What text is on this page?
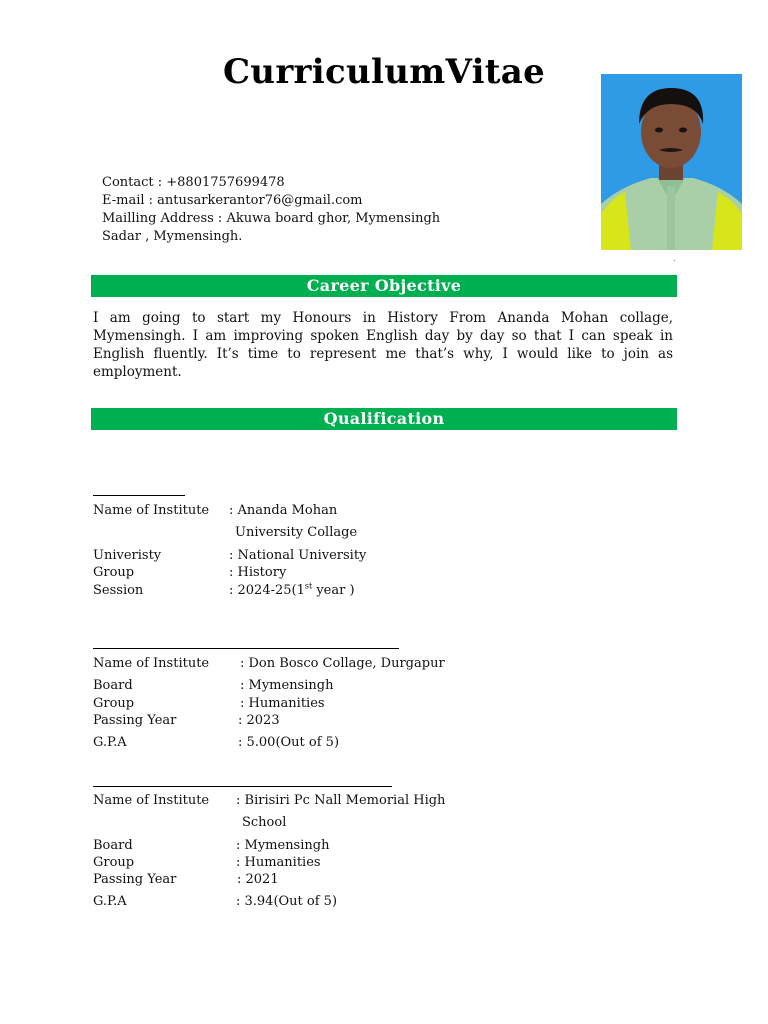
CurriculumVitae
Contact : +8801757699478
E-mail : antusarkerantor76@gmail.com
Mailling Address : Akuwa board ghor, Mymensingh
Sadar , Mymensingh.
.
Career Objective
I am going to start my Honours in History From Ananda Mohan collage, Mymensingh. I am improving spoken English day by day so that I can speak in English fluently. It’s time to represent me that’s why, I would like to join as employment.
Qualification
Name of Institute : Ananda Mohan
University Collage
Univeristy	: National University
Group	: History
Session	: 2024-25(1st year )
Name of Institute : Don Bosco Collage, Durgapur
Board	: Mymensingh
Group	: Humanities
Passing Year	: 2023
G.P.A	: 5.00(Out of 5)
Name of Institute : Birisiri Pc Nall Memorial High
School
Board	: Mymensingh
Group	: Humanities
Passing Year	: 2021
G.P.A	: 3.94(Out of 5)
